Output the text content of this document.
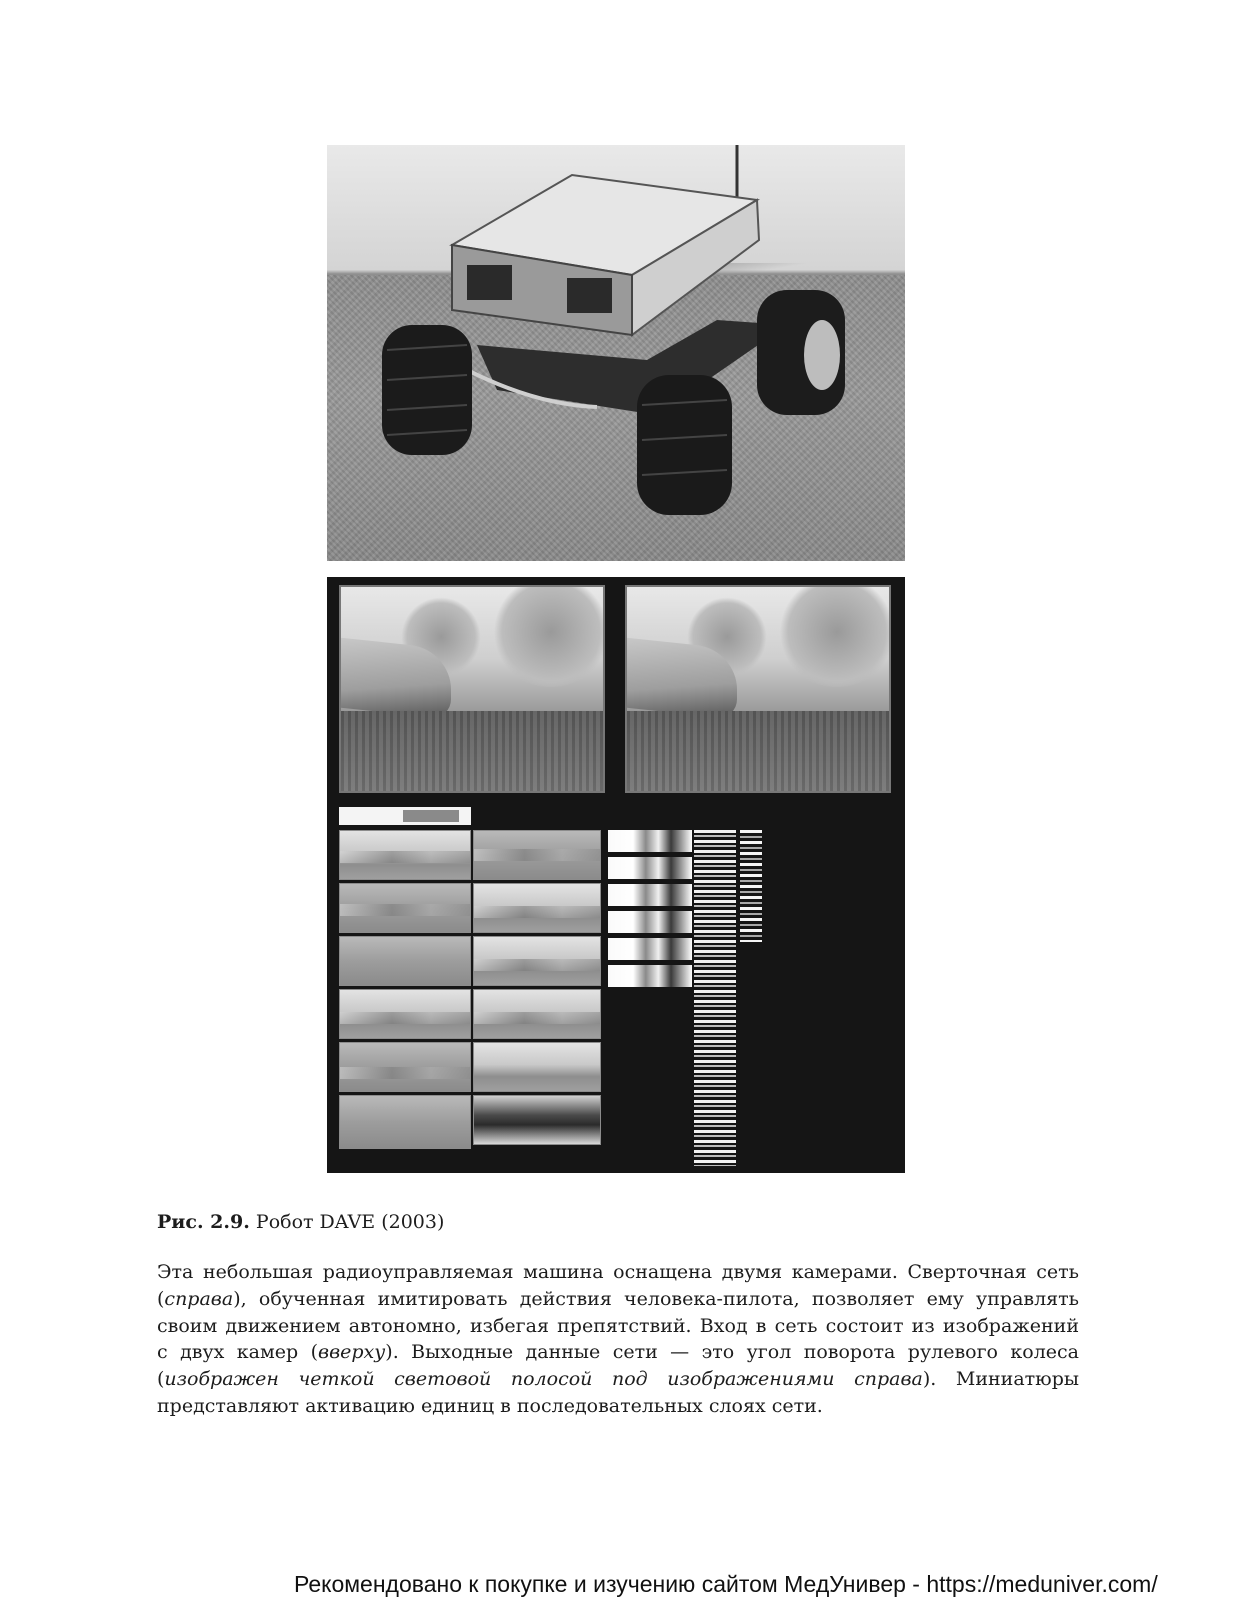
Рис. 2.9. Робот DAVE (2003)
Эта небольшая радиоуправляемая машина оснащена двумя камерами. Сверточная сеть
(справа), обученная имитировать действия человека-пилота, позволяет ему управлять
своим движением автономно, избегая препятствий. Вход в сеть состоит из изображений
с двух камер (вверху). Выходные данные сети — это угол поворота рулевого колеса
(изображен четкой световой полосой под изображениями справа). Миниатюры
представляют активацию единиц в последовательных слоях сети.
Рекомендовано к покупке и изучению сайтом МедУнивер - https://meduniver.com/
